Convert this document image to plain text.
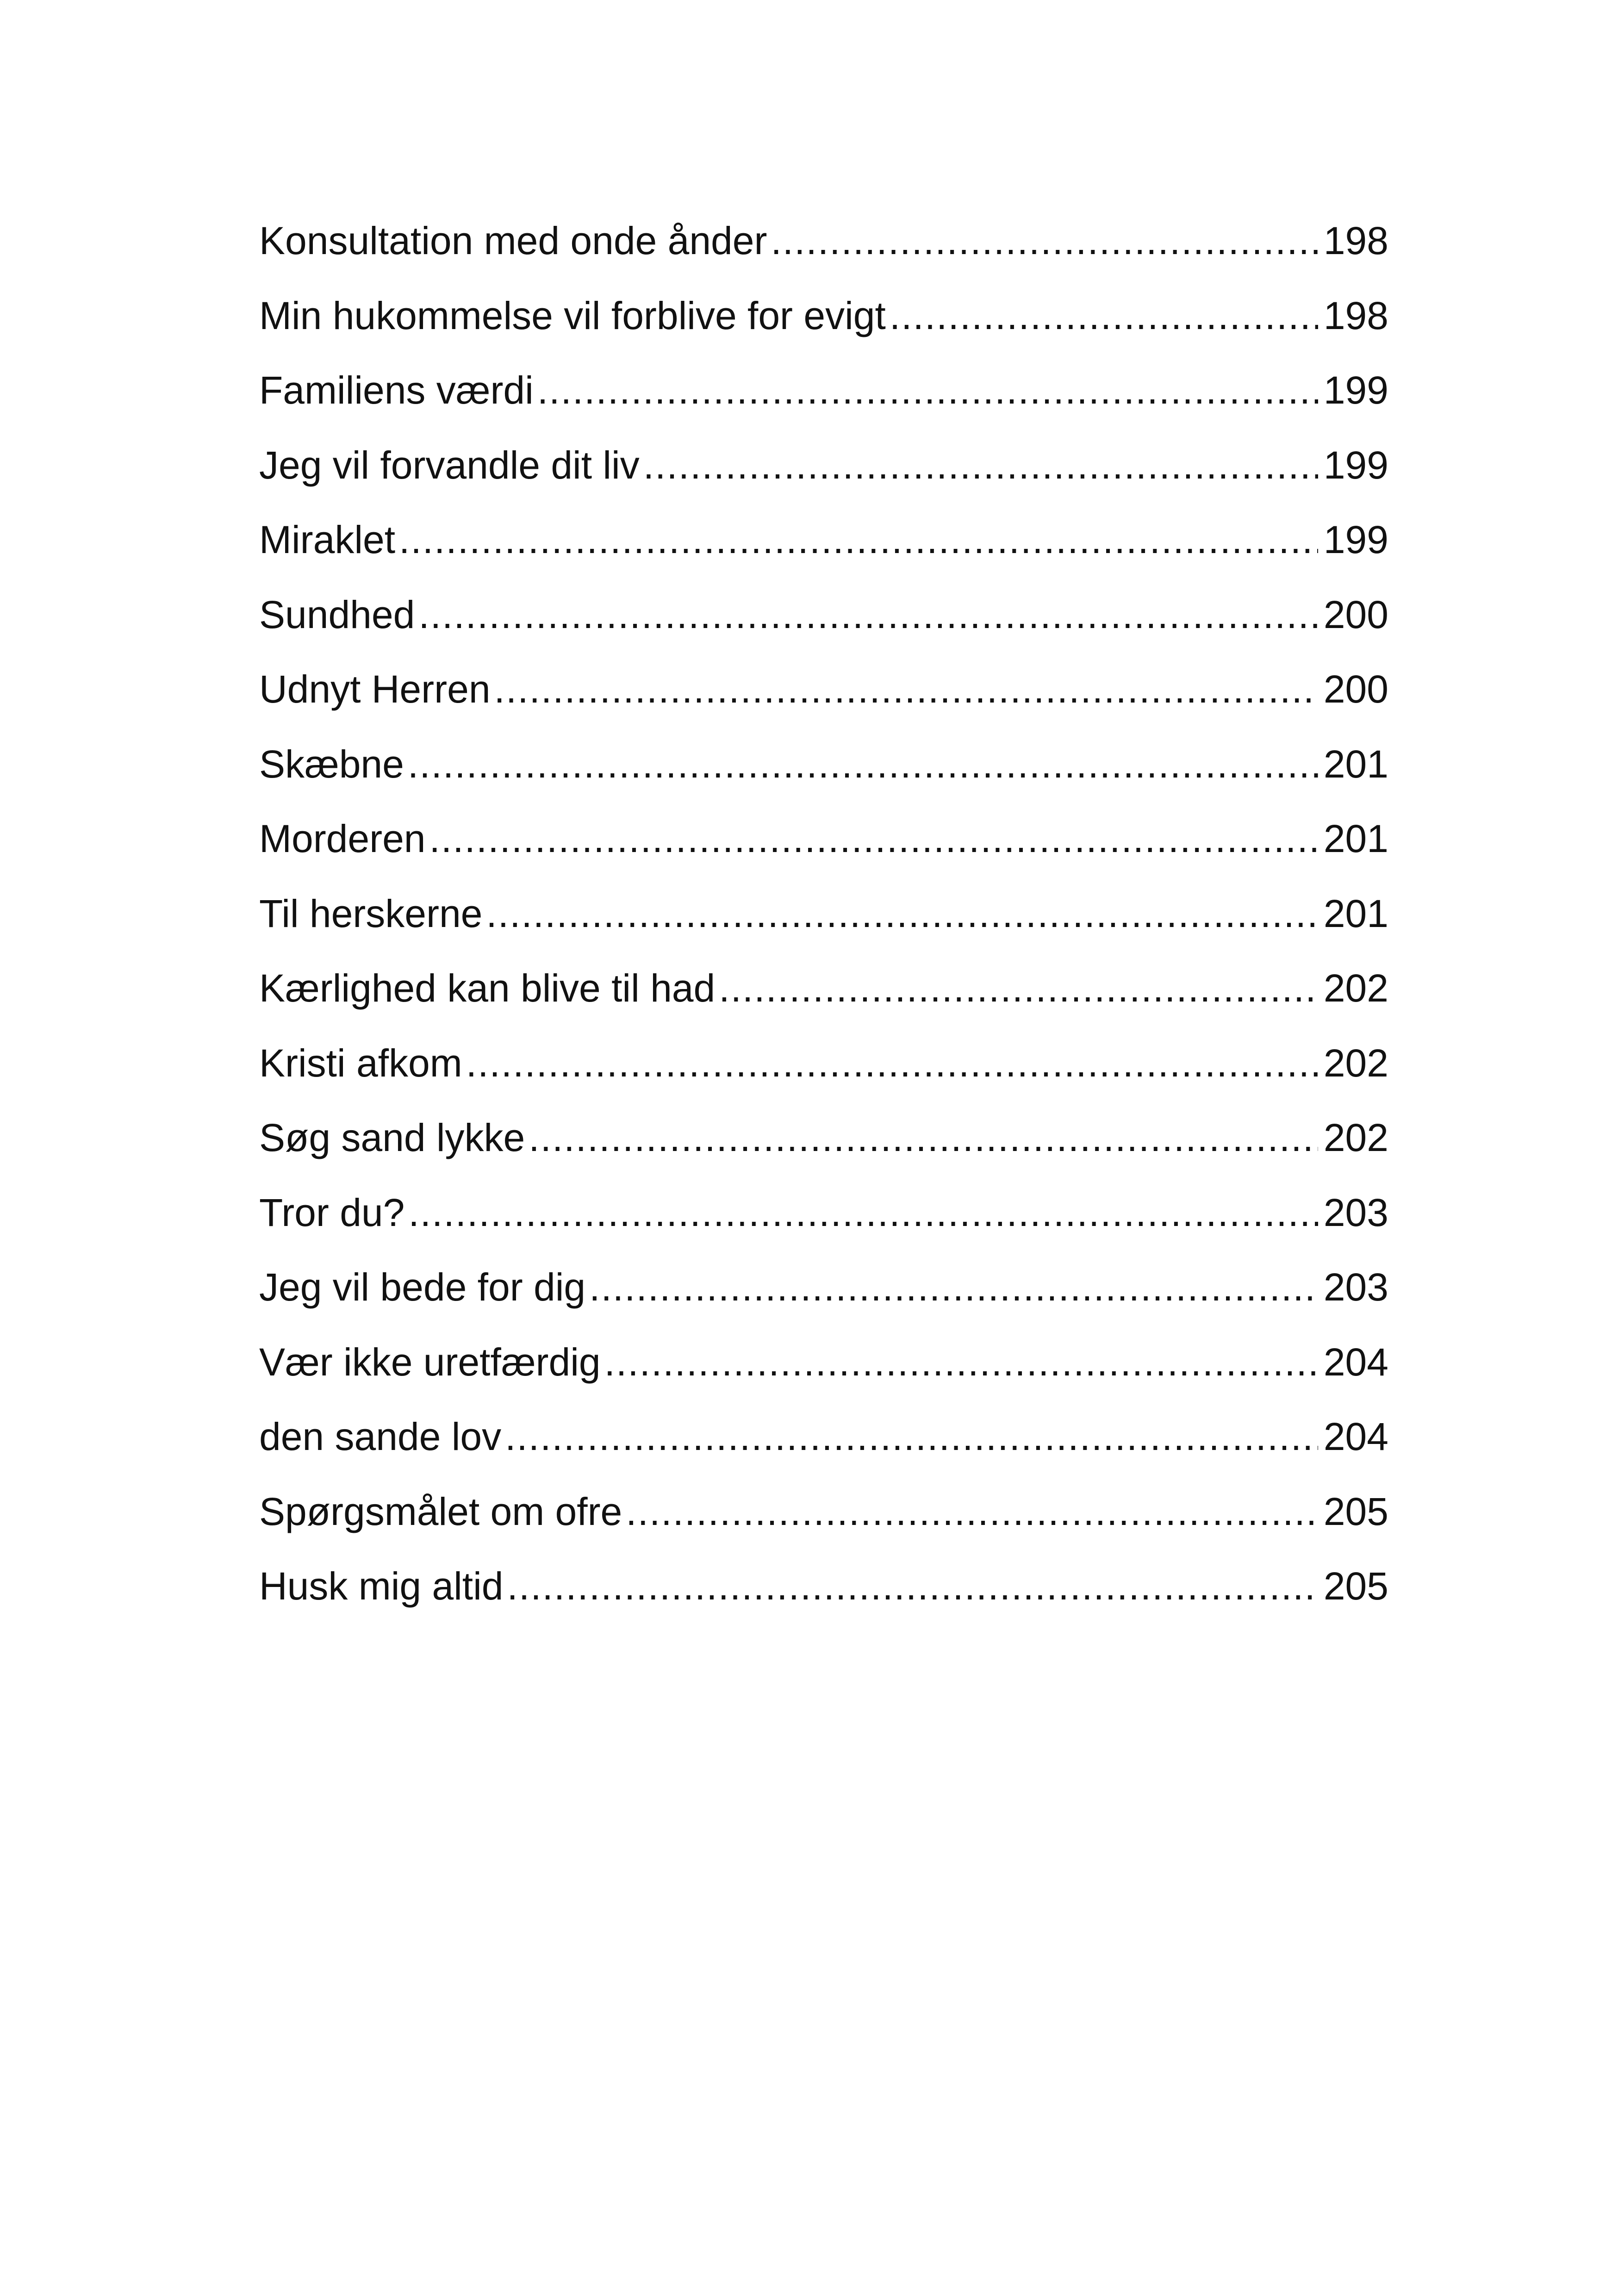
Konsultation med onde ånder .....	198
Min hukommelse vil forblive for evigt .....	198
Familiens værdi .....	199
Jeg vil forvandle dit liv .....	199
Miraklet .....	199
Sundhed .....	200
Udnyt Herren .....	200
Skæbne .....	201
Morderen .....	201
Til herskerne .....	201
Kærlighed kan blive til had .....	202
Kristi afkom .....	202
Søg sand lykke .....	202
Tror du? .....	203
Jeg vil bede for dig .....	203
Vær ikke uretfærdig .....	204
den sande lov .....	204
Spørgsmålet om ofre .....	205
Husk mig altid .....	205
